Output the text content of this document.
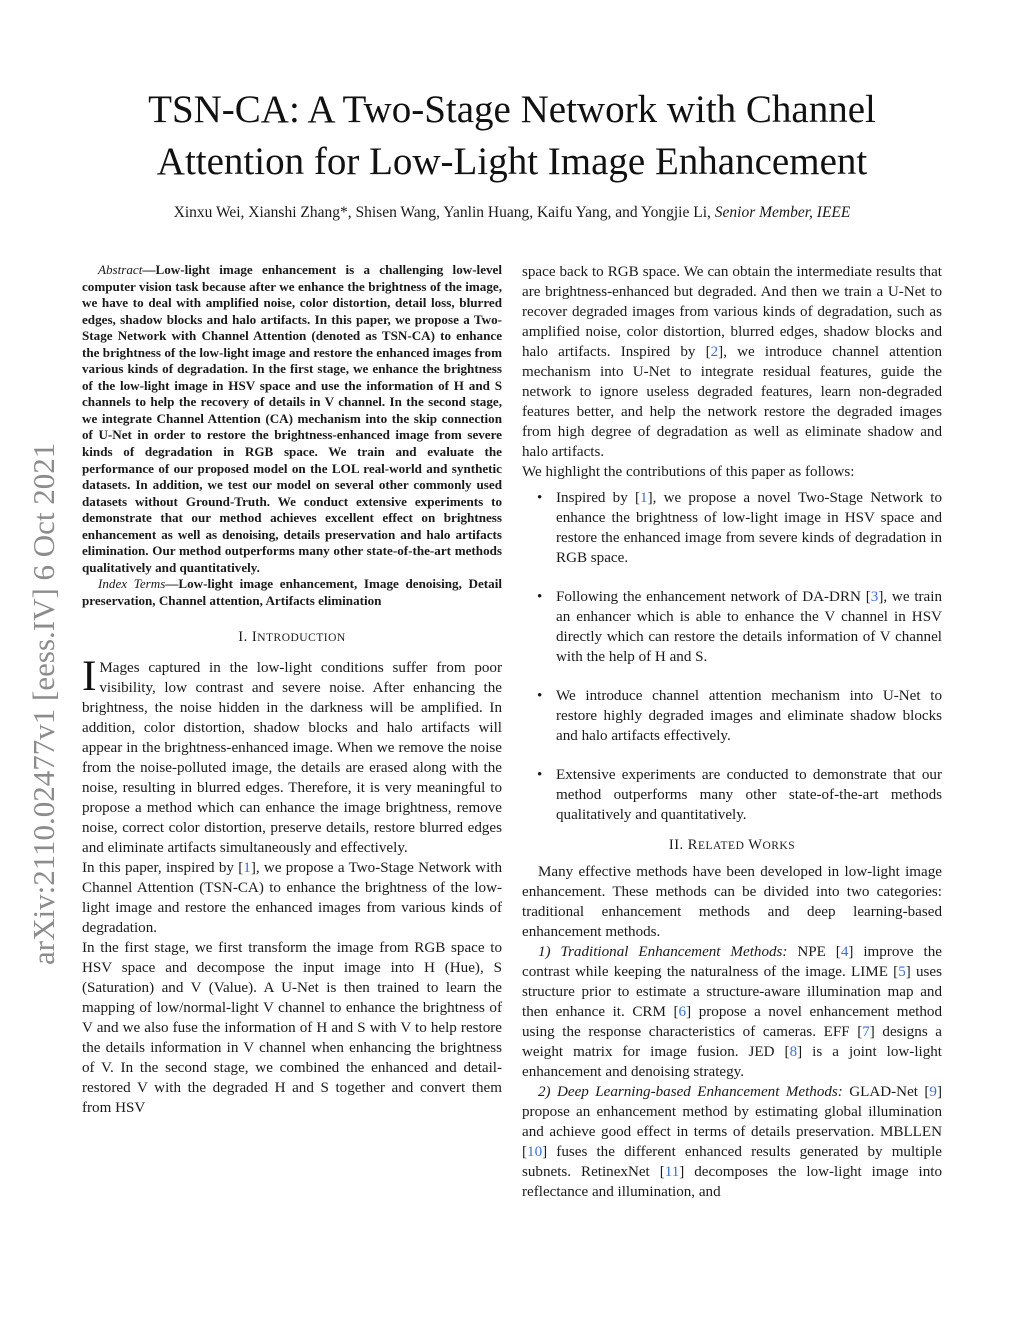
TSN-CA: A Two-Stage Network with Channel
Attention for Low-Light Image Enhancement
Xinxu Wei, Xianshi Zhang*, Shisen Wang, Yanlin Huang, Kaifu Yang, and Yongjie Li, Senior Member, IEEE
arXiv:2110.02477v1 [eess.IV] 6 Oct 2021

Abstract—Low-light image enhancement is a challenging low-level computer vision task because after we enhance the brightness of the image, we have to deal with amplified noise, color distortion, detail loss, blurred edges, shadow blocks and halo artifacts. In this paper, we propose a Two-Stage Network with Channel Attention (denoted as TSN-CA) to enhance the brightness of the low-light image and restore the enhanced images from various kinds of degradation. In the first stage, we enhance the brightness of the low-light image in HSV space and use the information of H and S channels to help the recovery of details in V channel. In the second stage, we integrate Channel Attention (CA) mechanism into the skip connection of U-Net in order to restore the brightness-enhanced image from severe kinds of degradation in RGB space. We train and evaluate the performance of our proposed model on the LOL real-world and synthetic datasets. In addition, we test our model on several other commonly used datasets without Ground-Truth. We conduct extensive experiments to demonstrate that our method achieves excellent effect on brightness enhancement as well as denoising, details preservation and halo artifacts elimination. Our method outperforms many other state-of-the-art methods qualitatively and quantitatively.

Index Terms—Low-light image enhancement, Image denoising, Detail preservation, Channel attention, Artifacts elimination

I. INTRODUCTION

I Mages captured in the low-light conditions suffer from poor visibility, low contrast and severe noise. After enhancing the brightness, the noise hidden in the darkness will be amplified. In addition, color distortion, shadow blocks and halo artifacts will appear in the brightness-enhanced image. When we remove the noise from the noise-polluted image, the details are erased along with the noise, resulting in blurred edges. Therefore, it is very meaningful to propose a method which can enhance the image brightness, remove noise, correct color distortion, preserve details, restore blurred edges and eliminate artifacts simultaneously and effectively.

In this paper, inspired by [1], we propose a Two-Stage Network with Channel Attention (TSN-CA) to enhance the brightness of the low-light image and restore the enhanced images from various kinds of degradation.

In the first stage, we first transform the image from RGB space to HSV space and decompose the input image into H (Hue), S (Saturation) and V (Value). A U-Net is then trained to learn the mapping of low/normal-light V channel to enhance the brightness of V and we also fuse the information of H and S with V to help restore the details information in V channel when enhancing the brightness of V. In the second stage, we combined the enhanced and detail-restored V with the degraded H and S together and convert them from HSV

space back to RGB space. We can obtain the intermediate results that are brightness-enhanced but degraded. And then we train a U-Net to recover degraded images from various kinds of degradation, such as amplified noise, color distortion, blurred edges, shadow blocks and halo artifacts. Inspired by [2], we introduce channel attention mechanism into U-Net to integrate residual features, guide the network to ignore useless degraded features, learn non-degraded features better, and help the network restore the degraded images from high degree of degradation as well as eliminate shadow and halo artifacts.

We highlight the contributions of this paper as follows:

• Inspired by [1], we propose a novel Two-Stage Network to enhance the brightness of low-light image in HSV space and restore the enhanced image from severe kinds of degradation in RGB space.
• Following the enhancement network of DA-DRN [3], we train an enhancer which is able to enhance the V channel in HSV directly which can restore the details information of V channel with the help of H and S.
• We introduce channel attention mechanism into U-Net to restore highly degraded images and eliminate shadow blocks and halo artifacts effectively.
• Extensive experiments are conducted to demonstrate that our method outperforms many other state-of-the-art methods qualitatively and quantitatively.
II. RELATED WORKS

Many effective methods have been developed in low-light image enhancement. These methods can be divided into two categories: traditional enhancement methods and deep learning-based enhancement methods.

1) Traditional Enhancement Methods: NPE [4] improve the contrast while keeping the naturalness of the image. LIME [5] uses structure prior to estimate a structure-aware illumination map and then enhance it. CRM [6] propose a novel enhancement method using the response characteristics of cameras. EFF [7] designs a weight matrix for image fusion. JED [8] is a joint low-light enhancement and denoising strategy.

2) Deep Learning-based Enhancement Methods: GLAD-Net [9] propose an enhancement method by estimating global illumination and achieve good effect in terms of details preservation. MBLLEN [10] fuses the different enhanced results generated by multiple subnets. RetinexNet [11] decomposes the low-light image into reflectance and illumination, and
